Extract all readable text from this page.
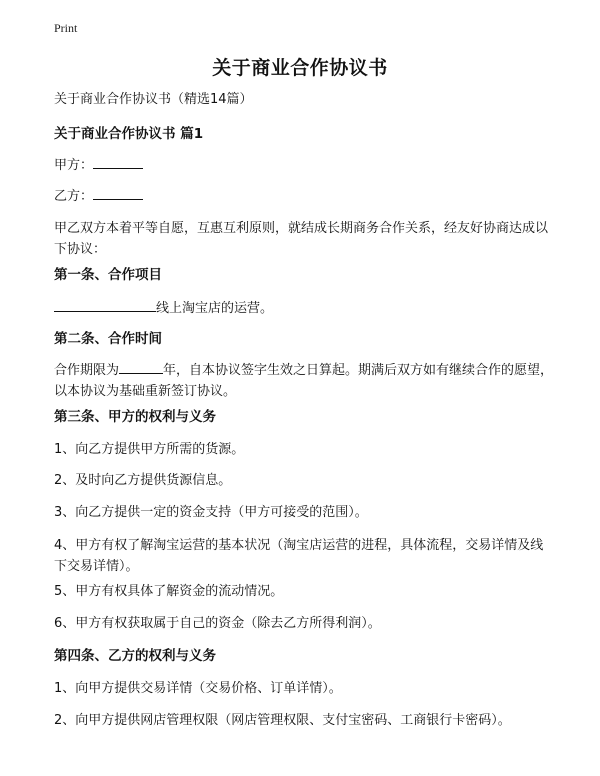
Print
关于商业合作协议书
关于商业合作协议书（精选14篇）
关于商业合作协议书 篇1
甲方：
乙方：
甲乙双方本着平等自愿，互惠互利原则，就结成长期商务合作关系，经友好协商达成以下协议：
第一条、合作项目
线上淘宝店的运营。
第二条、合作时间
合作期限为	年，自本协议签字生效之日算起。期满后双方如有继续合作的愿望，以本协议为基础重新签订协议。
第三条、甲方的权利与义务
1、向乙方提供甲方所需的货源。
2、及时向乙方提供货源信息。
3、向乙方提供一定的资金支持（甲方可接受的范围）。
4、甲方有权了解淘宝运营的基本状况（淘宝店运营的进程，具体流程，交易详情及线下交易详情）。
5、甲方有权具体了解资金的流动情况。
6、甲方有权获取属于自己的资金（除去乙方所得利润）。
第四条、乙方的权利与义务
1、向甲方提供交易详情（交易价格、订单详情）。
2、向甲方提供网店管理权限（网店管理权限、支付宝密码、工商银行卡密码）。
